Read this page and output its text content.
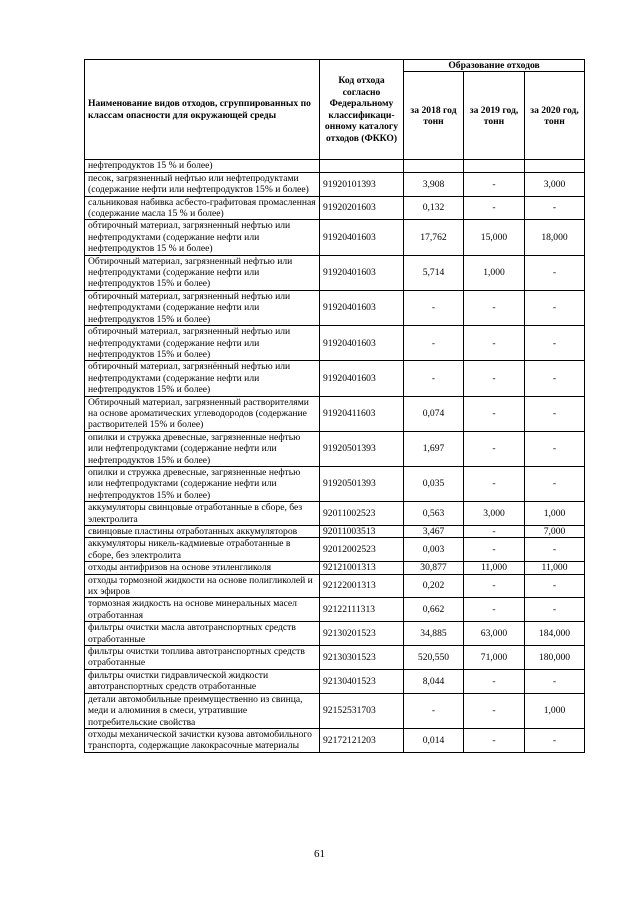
Наименование видов отходов, сгруппированных по классам опасности для окружающей среды	Код отхода согласно Федеральному классификаци-онному каталогу отходов (ФККО)	Образование отходов		
		за 2018 год тонн	за 2019 год, тонн	за 2020 год, тонн
нефтепродуктов 15 % и более)				
песок, загрязненный нефтью или нефтепродуктами (содержание нефти или нефтепродуктов 15% и более)	91920101393	3,908	-	3,000
сальниковая набивка асбесто-графитовая промасленная (содержание масла 15 % и более)	91920201603	0,132	-	-
обтирочный материал, загрязненный нефтью или нефтепродуктами (содержание нефти или нефтепродуктов 15 % и более)	91920401603	17,762	15,000	18,000
Обтирочный материал, загрязненный нефтью или нефтепродуктами (содержание нефти или нефтепродуктов 15% и более)	91920401603	5,714	1,000	-
обтирочный материал, загрязненный нефтью или нефтепродуктами (содержание нефти или нефтепродуктов 15% и более)	91920401603	-	-	-
обтирочный материал, загрязненный нефтью или нефтепродуктами (содержание нефти или нефтепродуктов 15% и более)	91920401603	-	-	-
обтирочный материал, загрязнённый нефтью или нефтепродуктами (содержание нефти или нефтепродуктов 15% и более)	91920401603	-	-	-
Обтирочный материал, загрязненный растворителями на основе ароматических углеводородов (содержание растворителей 15% и более)	91920411603	0,074	-	-
опилки и стружка древесные, загрязненные нефтью или нефтепродуктами (содержание нефти или нефтепродуктов 15% и более)	91920501393	1,697	-	-
опилки и стружка древесные, загрязненные нефтью или нефтепродуктами (содержание нефти или нефтепродуктов 15% и более)	91920501393	0,035	-	-
аккумуляторы свинцовые отработанные в сборе, без электролита	92011002523	0,563	3,000	1,000
свинцовые пластины отработанных аккумуляторов	92011003513	3,467	-	7,000
аккумуляторы никель-кадмиевые отработанные в сборе, без электролита	92012002523	0,003	-	-
отходы антифризов на основе этиленгликоля	92121001313	30,877	11,000	11,000
отходы тормозной жидкости на основе полигликолей и их эфиров	92122001313	0,202	-	-
тормозная жидкость на основе минеральных масел отработанная	92122111313	0,662	-	-
фильтры очистки масла автотранспортных средств отработанные	92130201523	34,885	63,000	184,000
фильтры очистки топлива автотранспортных средств отработанные	92130301523	520,550	71,000	180,000
фильтры очистки гидравлической жидкости автотранспортных средств отработанные	92130401523	8,044	-	-
детали автомобильные преимущественно из свинца, меди и алюминия в смеси, утратившие потребительские свойства	92152531703	-	-	1,000
отходы механической зачистки кузова автомобильного транспорта, содержащие лакокрасочные материалы	92172121203	0,014	-	-
61
